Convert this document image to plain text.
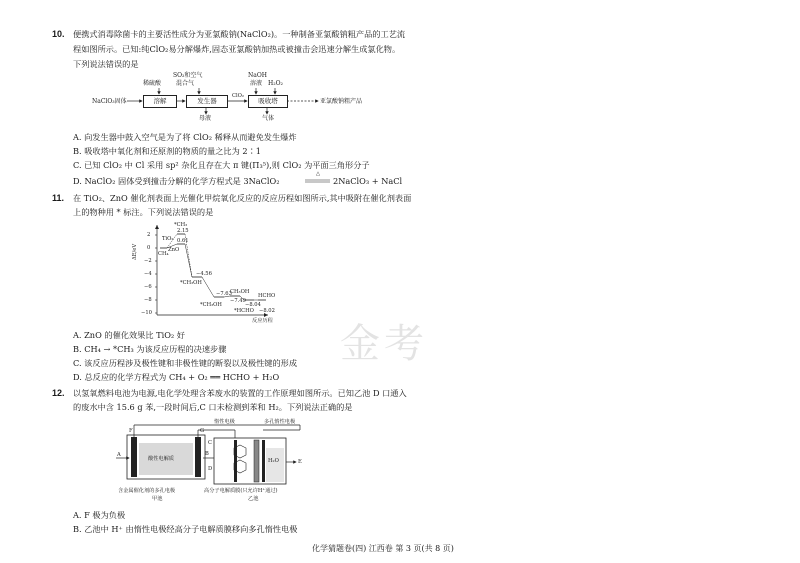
金考
10. 便携式消毒除菌卡的主要活性成分为亚氯酸钠(NaClO₂)。一种制备亚氯酸钠粗产品的工艺流
程如图所示。已知:纯ClO₂易分解爆炸,固态亚氯酸钠加热或被撞击会迅速分解生成氯化物。
下列说法错误的是
NaClO₃固体
稀硫酸
溶解
SO₂和空气
混合气
发生器
母液
ClO₂
NaOH
溶液 H₂O₂
吸收塔
气体
亚氯酸钠粗产品
A. 向发生器中鼓入空气是为了将 ClO₂ 稀释从而避免发生爆炸
B. 吸收塔中氧化剂和还原剂的物质的量之比为 2∶1
C. 已知 ClO₂ 中 Cl 采用 sp² 杂化且存在大 π 键(Π₃⁵),则 ClO₂ 为平面三角形分子
D. NaClO₂ 固体受到撞击分解的化学方程式是 3NaClO₂
△
2NaClO₃ + NaCl
11. 在 TiO₂、ZnO 催化剂表面上光催化甲烷氧化反应的反应历程如图所示,其中吸附在催化剂表面
上的物种用 * 标注。下列说法错误的是
ΔE/eV
2
0
−2
−4
−6
−8
−10
反应历程
*CH₃
2.15
0.61
TiO₂
ZnO
CH₄
−4.56
*CH₃OH
CH₃OH
−7.63
−7.49
*CH₃OH	−8.04
HCHO
*HCHO −8.02
A. ZnO 的催化效果比 TiO₂ 好
B. CH₄ → *CH₃ 为该反应历程的决速步骤
C. 该反应历程涉及极性键和非极性键的断裂以及极性键的形成
D. 总反应的化学方程式为 CH₄ + O₂ ══ HCHO + H₂O
12. 以氢氧燃料电池为电源,电化学处理含苯废水的装置的工作原理如图所示。已知乙池 D 口通入
的废水中含 15.6 g 苯,一段时间后,C 口未检测到苯和 H₂。下列说法正确的是
惰性电极	多孔惰性电极
酸性电解质
含金属催化剂的多孔电极	高分子电解质膜(只允许H⁺通过)
甲池	乙池
H₂O
A	B
F	G
C
D
E
A. F 极为负极
B. 乙池中 H⁺ 由惰性电极经高分子电解质膜移向多孔惰性电极
化学猜题卷(四) 江西卷 第 3 页(共 8 页)
